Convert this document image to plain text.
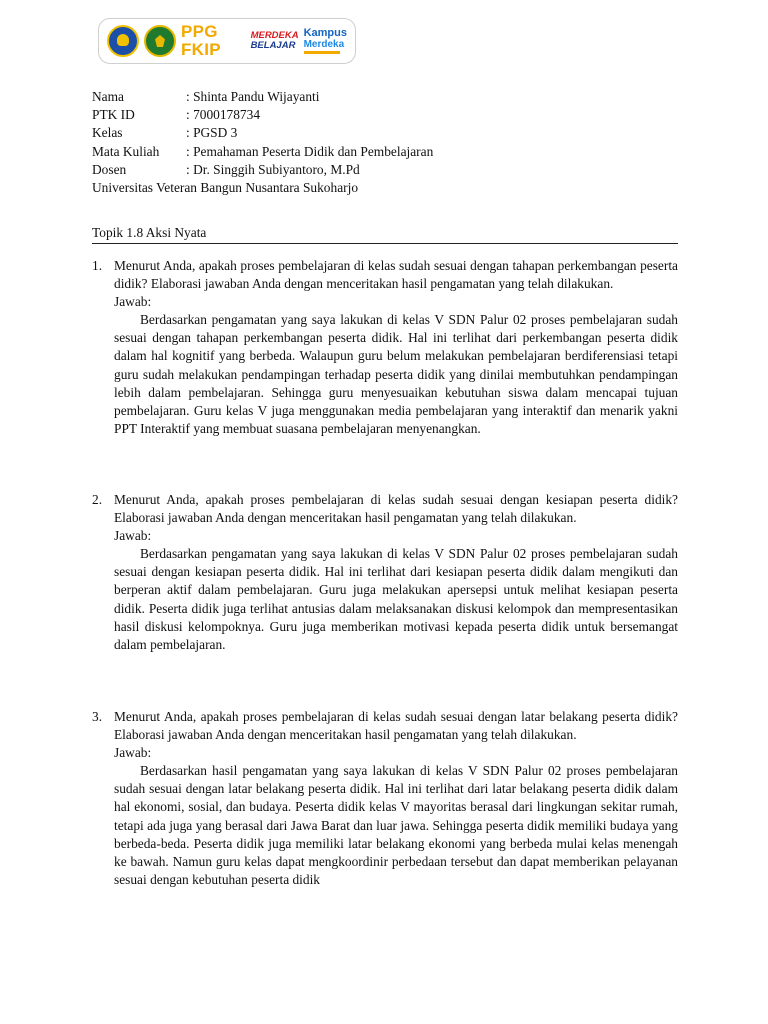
PPG FKIP
MERDEKA
BELAJAR
Kampus
Merdeka
Nama	: Shinta Pandu Wijayanti
PTK ID	: 7000178734
Kelas	: PGSD 3
Mata Kuliah	: Pemahaman Peserta Didik dan Pembelajaran
Dosen	: Dr. Singgih Subiyantoro, M.Pd
Universitas Veteran Bangun Nusantara Sukoharjo
Topik 1.8 Aksi Nyata
1. Menurut Anda, apakah proses pembelajaran di kelas sudah sesuai dengan tahapan perkembangan peserta didik? Elaborasi jawaban Anda dengan menceritakan hasil pengamatan yang telah dilakukan.
Jawab:
Berdasarkan pengamatan yang saya lakukan di kelas V SDN Palur 02 proses pembelajaran sudah sesuai dengan tahapan perkembangan peserta didik. Hal ini terlihat dari perkembangan peserta didik dalam hal kognitif yang berbeda. Walaupun guru belum melakukan pembelajaran berdiferensiasi tetapi guru sudah melakukan pendampingan terhadap peserta didik yang dinilai membutuhkan pendampingan lebih dalam pembelajaran. Sehingga guru menyesuaikan kebutuhan siswa dalam mencapai tujuan pembelajaran. Guru kelas V juga menggunakan media pembelajaran yang interaktif dan menarik yakni PPT Interaktif yang membuat suasana pembelajaran menyenangkan.
2. Menurut Anda, apakah proses pembelajaran di kelas sudah sesuai dengan kesiapan peserta didik? Elaborasi jawaban Anda dengan menceritakan hasil pengamatan yang telah dilakukan.
Jawab:
Berdasarkan pengamatan yang saya lakukan di kelas V SDN Palur 02 proses pembelajaran sudah sesuai dengan kesiapan peserta didik. Hal ini terlihat dari kesiapan peserta didik dalam mengikuti dan berperan aktif dalam pembelajaran. Guru juga melakukan apersepsi untuk melihat kesiapan peserta didik. Peserta didik juga terlihat antusias dalam melaksanakan diskusi kelompok dan mempresentasikan hasil diskusi kelompoknya. Guru juga memberikan motivasi kepada peserta didik untuk bersemangat dalam pembelajaran.
3. Menurut Anda, apakah proses pembelajaran di kelas sudah sesuai dengan latar belakang peserta didik? Elaborasi jawaban Anda dengan menceritakan hasil pengamatan yang telah dilakukan.
Jawab:
Berdasarkan hasil pengamatan yang saya lakukan di kelas V SDN Palur 02 proses pembelajaran sudah sesuai dengan latar belakang peserta didik. Hal ini terlihat dari latar belakang peserta didik dalam hal ekonomi, sosial, dan budaya. Peserta didik kelas V mayoritas berasal dari lingkungan sekitar rumah, tetapi ada juga yang berasal dari Jawa Barat dan luar jawa. Sehingga peserta didik memiliki budaya yang berbeda-beda. Peserta didik juga memiliki latar belakang ekonomi yang berbeda mulai kelas menengah ke bawah. Namun guru kelas dapat mengkoordinir perbedaan tersebut dan dapat memberikan pelayanan sesuai dengan kebutuhan peserta didik
